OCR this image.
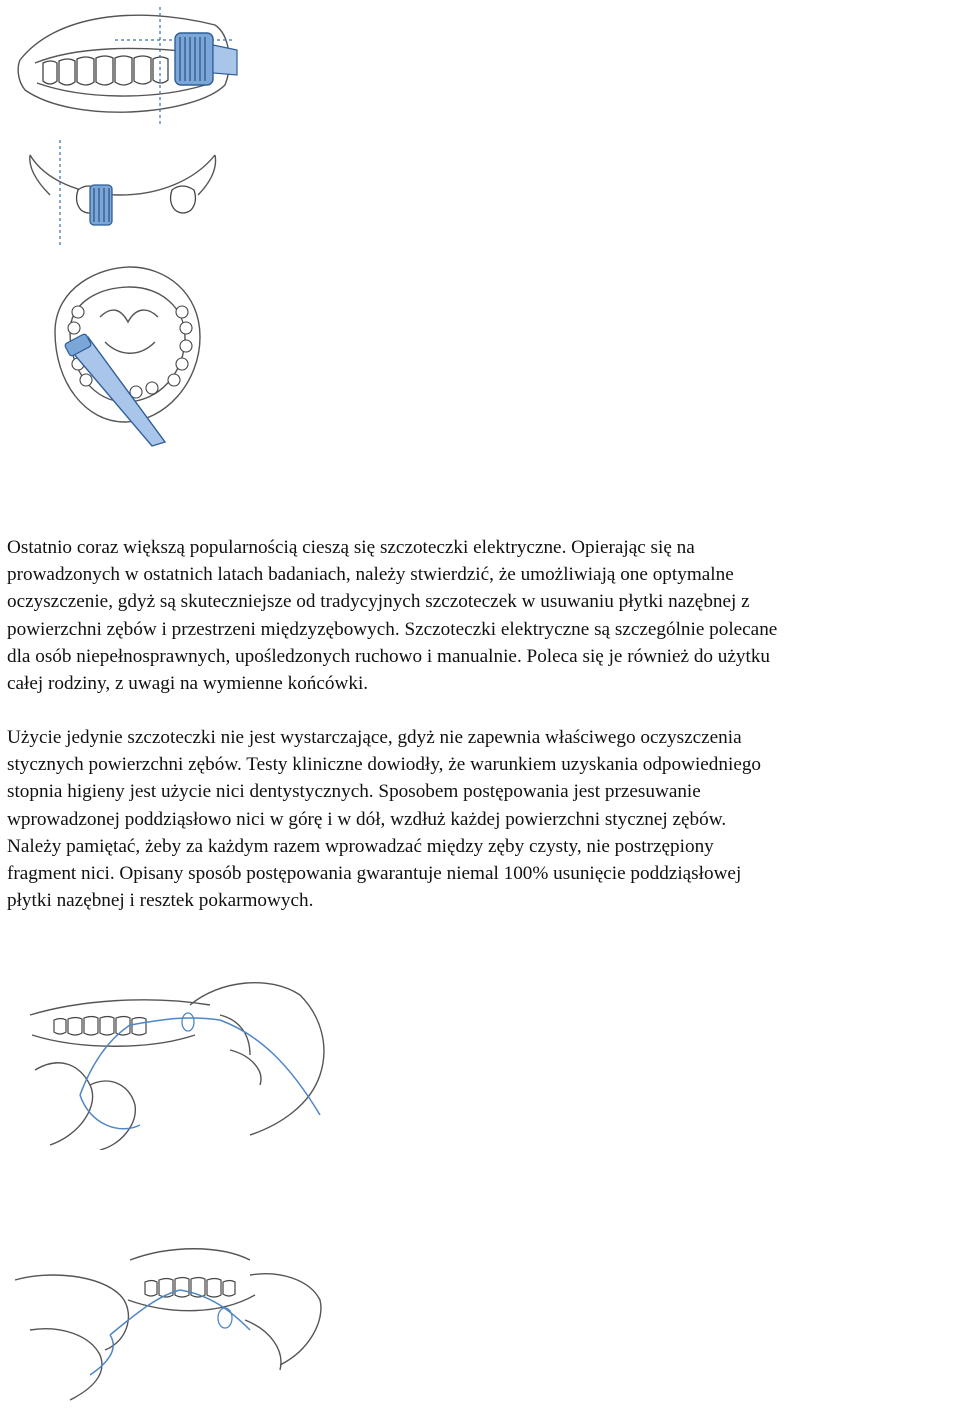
Ostatnio coraz większą popularnością cieszą się szczoteczki elektryczne. Opierając się na
prowadzonych w ostatnich latach badaniach, należy stwierdzić, że umożliwiają one optymalne
oczyszczenie, gdyż są skuteczniejsze od tradycyjnych szczoteczek w usuwaniu płytki nazębnej z
powierzchni zębów i przestrzeni międzyzębowych. Szczoteczki elektryczne są szczególnie polecane
dla osób niepełnosprawnych, upośledzonych ruchowo i manualnie. Poleca się je również do użytku
całej rodziny, z uwagi na wymienne końcówki.

Użycie jedynie szczoteczki nie jest wystarczające, gdyż nie zapewnia właściwego oczyszczenia
stycznych powierzchni zębów. Testy kliniczne dowiodły, że warunkiem uzyskania odpowiedniego
stopnia higieny jest użycie nici dentystycznych. Sposobem postępowania jest przesuwanie
wprowadzonej poddziąsłowo nici w górę i w dół, wzdłuż każdej powierzchni stycznej zębów.
Należy pamiętać, żeby za każdym razem wprowadzać między zęby czysty, nie postrzępiony
fragment nici. Opisany sposób postępowania gwarantuje niemal 100% usunięcie poddziąsłowej
płytki nazębnej i resztek pokarmowych.
